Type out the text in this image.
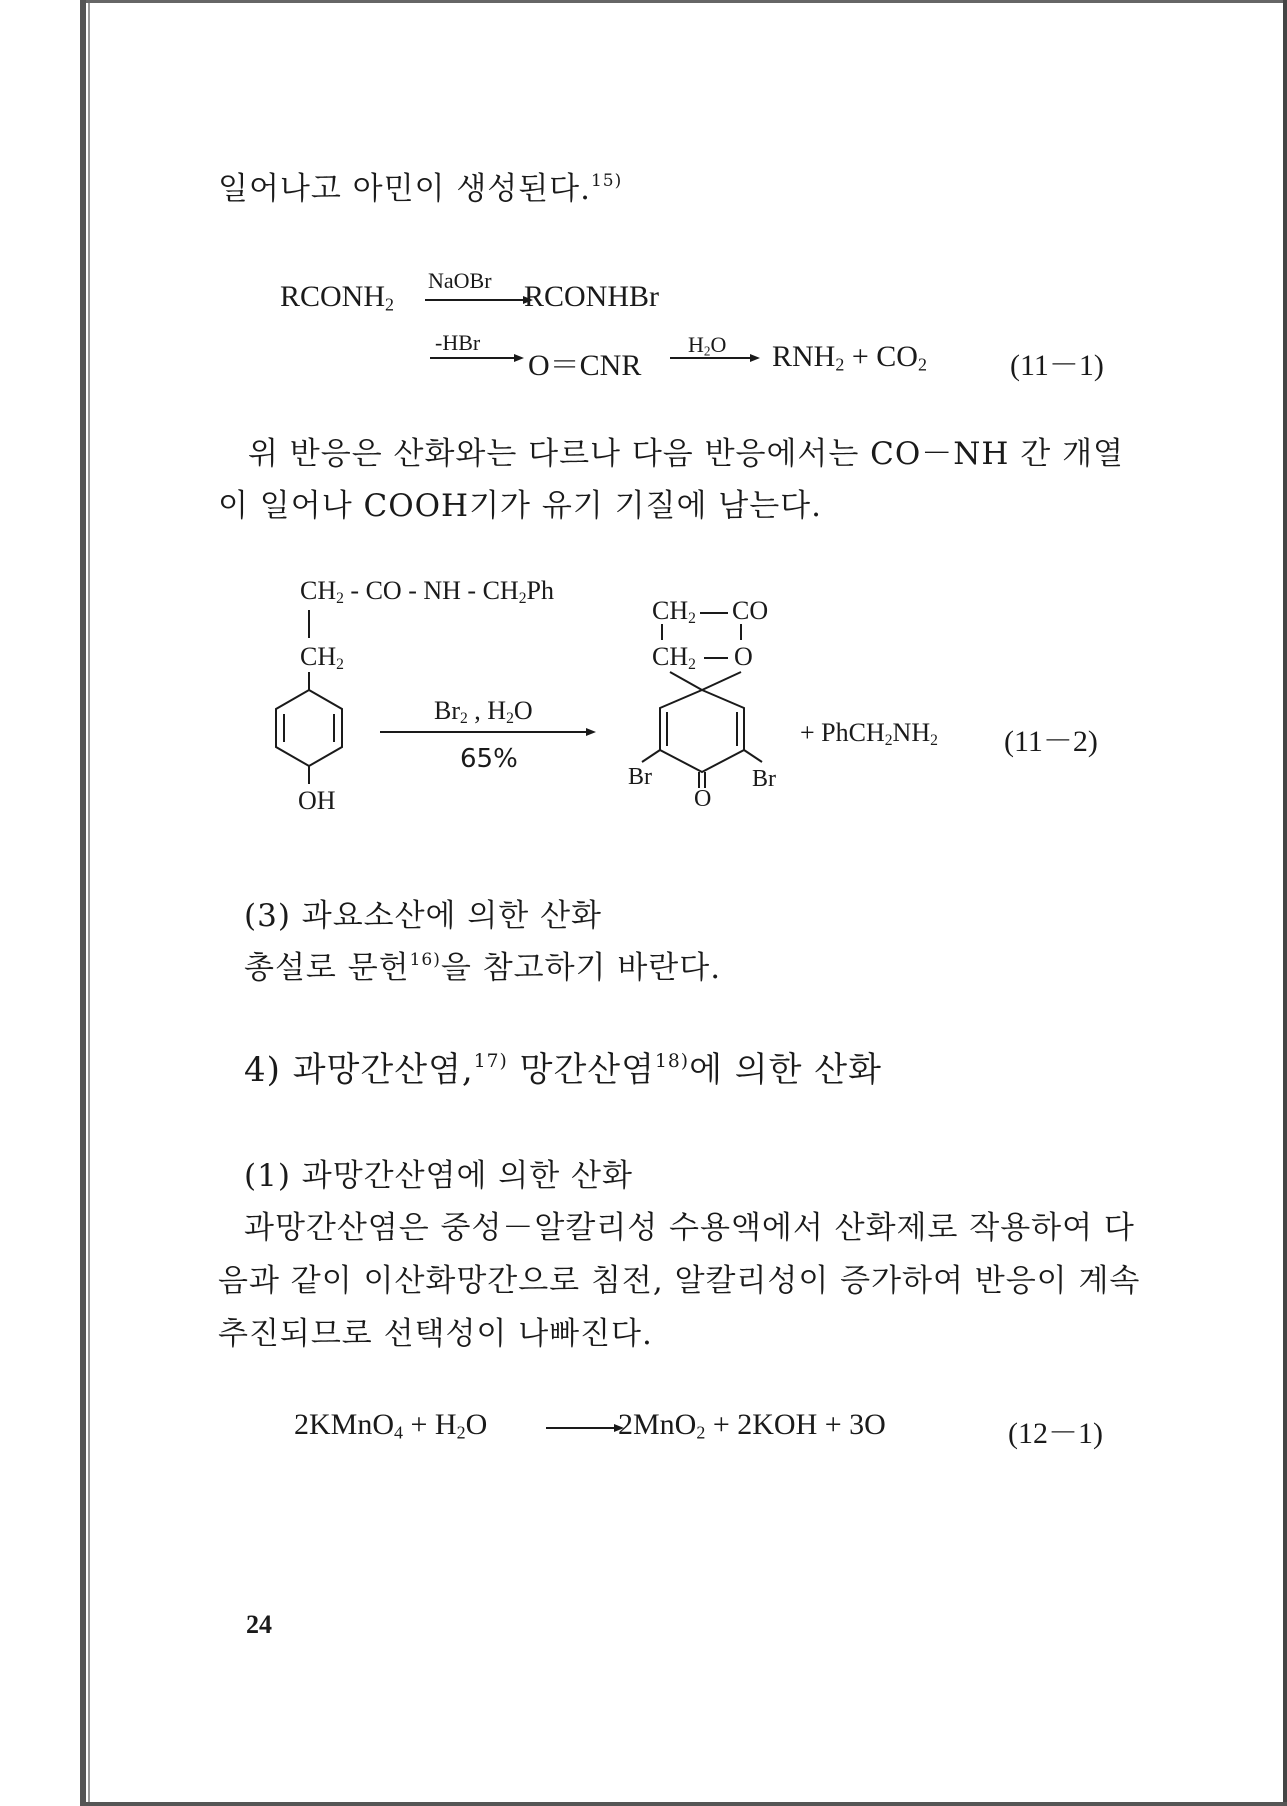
일어나고 아민이 생성된다.$^{15)}$
$RCONH_2$
NaOBr RCONHBr
-HBr
O＝CNR
$H_2O$ $RNH_2 + CO_2$	(11－1)
위 반응은 산화와는 다르나 다음 반응에서는 CO－NH 간 개열
이 일어나 COOH기가 유기 기질에 남는다.
$CH_2$ - CO - NH - $CH_2Ph$
$CH_2$
OH
$Br_2$ , $H_2O$
65%
$CH_2$ CO
$CH_2$ O
Br	Br
O
+ $PhCH_2NH_2$ (11－2)
(3) 과요소산에 의한 산화
총설로 문헌$^{16)}$을 참고하기 바란다.
4) 과망간산염,$^{17)}$ 망간산염$^{18)}$에 의한 산화
(1) 과망간산염에 의한 산화
과망간산염은 중성－알칼리성 수용액에서 산화제로 작용하여 다
음과 같이 이산화망간으로 침전, 알칼리성이 증가하여 반응이 계속
추진되므로 선택성이 나빠진다.
2KMnO$_4$ + $H_2O$	2MnO$_2$ + 2KOH + 3O	(12－1)
24
